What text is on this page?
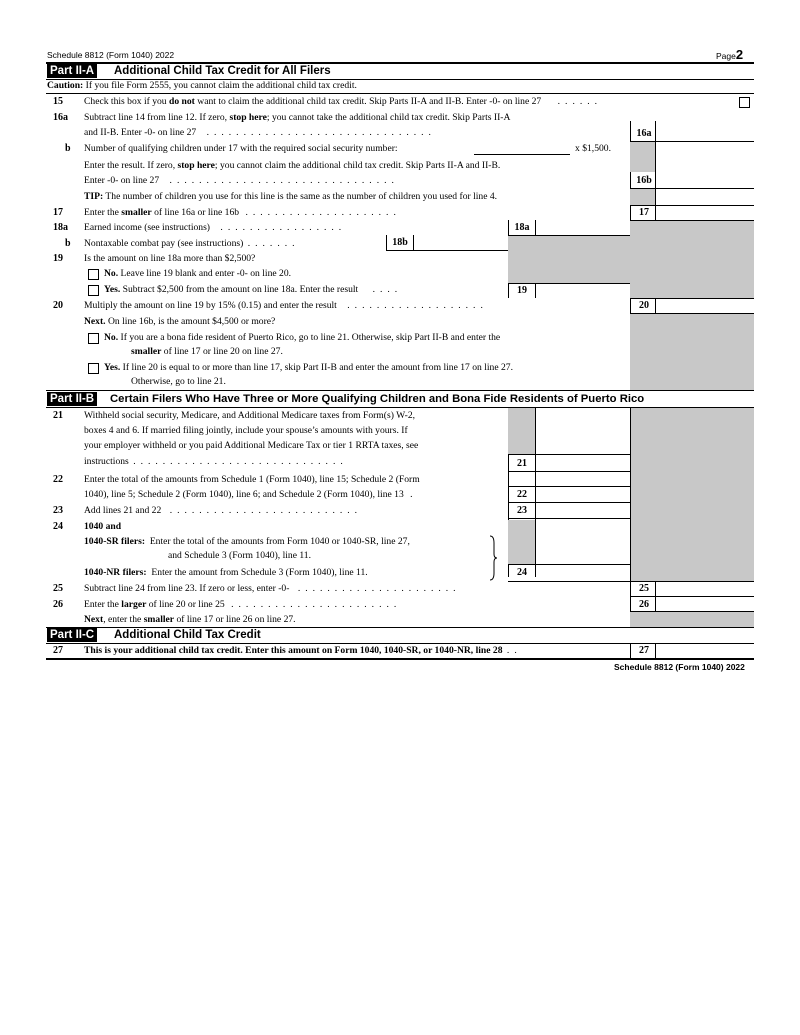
Schedule 8812 (Form 1040) 2022	Page2
Part II-A Additional Child Tax Credit for All Filers
Caution: If you file Form 2555, you cannot claim the additional child tax credit.
15 Check this box if you do not want to claim the additional child tax credit. Skip Parts II-A and II-B. Enter -0- on line 27 ......
16a Subtract line 14 from line 12. If zero, stop here; you cannot take the additional child tax credit. Skip Parts II-A
and II-B. Enter -0- on line 27 ...............................	16a
b Number of qualifying children under 17 with the required social security number:	x $1,500.
Enter the result. If zero, stop here; you cannot claim the additional child tax credit. Skip Parts II-A and II-B.
Enter -0- on line 27 ...............................	16b
TIP: The number of children you use for this line is the same as the number of children you used for line 4.
17 Enter the smaller of line 16a or line 16b .....................	17
18a Earned income (see instructions) .................	18a
b Nontaxable combat pay (see instructions) .......	18b
19 Is the amount on line 18a more than $2,500?
No. Leave line 19 blank and enter -0- on line 20.
Yes. Subtract $2,500 from the amount on line 18a. Enter the result ....	19
20 Multiply the amount on line 19 by 15% (0.15) and enter the result ...................	20
Next. On line 16b, is the amount $4,500 or more?
No. If you are a bona fide resident of Puerto Rico, go to line 21. Otherwise, skip Part II-B and enter the
smaller of line 17 or line 20 on line 27.
Yes. If line 20 is equal to or more than line 17, skip Part II-B and enter the amount from line 17 on line 27.
Otherwise, go to line 21.
Part II-B Certain Filers Who Have Three or More Qualifying Children and Bona Fide Residents of Puerto Rico
21 Withheld social security, Medicare, and Additional Medicare taxes from Form(s) W-2,
boxes 4 and 6. If married filing jointly, include your spouse’s amounts with yours. If
your employer withheld or you paid Additional Medicare Tax or tier 1 RRTA taxes, see
instructions .............................	21
22 Enter the total of the amounts from Schedule 1 (Form 1040), line 15; Schedule 2 (Form
1040), line 5; Schedule 2 (Form 1040), line 6; and Schedule 2 (Form 1040), line 13 .	22
23 Add lines 21 and 22 ..........................	23
24 1040 and
1040-SR filers: Enter the total of the amounts from Form 1040 or 1040-SR, line 27,
and Schedule 3 (Form 1040), line 11.
1040-NR filers: Enter the amount from Schedule 3 (Form 1040), line 11.	24
25 Subtract line 24 from line 23. If zero or less, enter -0- ......................	25
26 Enter the larger of line 20 or line 25 .......................	26
Next, enter the smaller of line 17 or line 26 on line 27.
Part II-C Additional Child Tax Credit
27 This is your additional child tax credit. Enter this amount on Form 1040, 1040-SR, or 1040-NR, line 28 ..	27
Schedule 8812 (Form 1040) 2022
